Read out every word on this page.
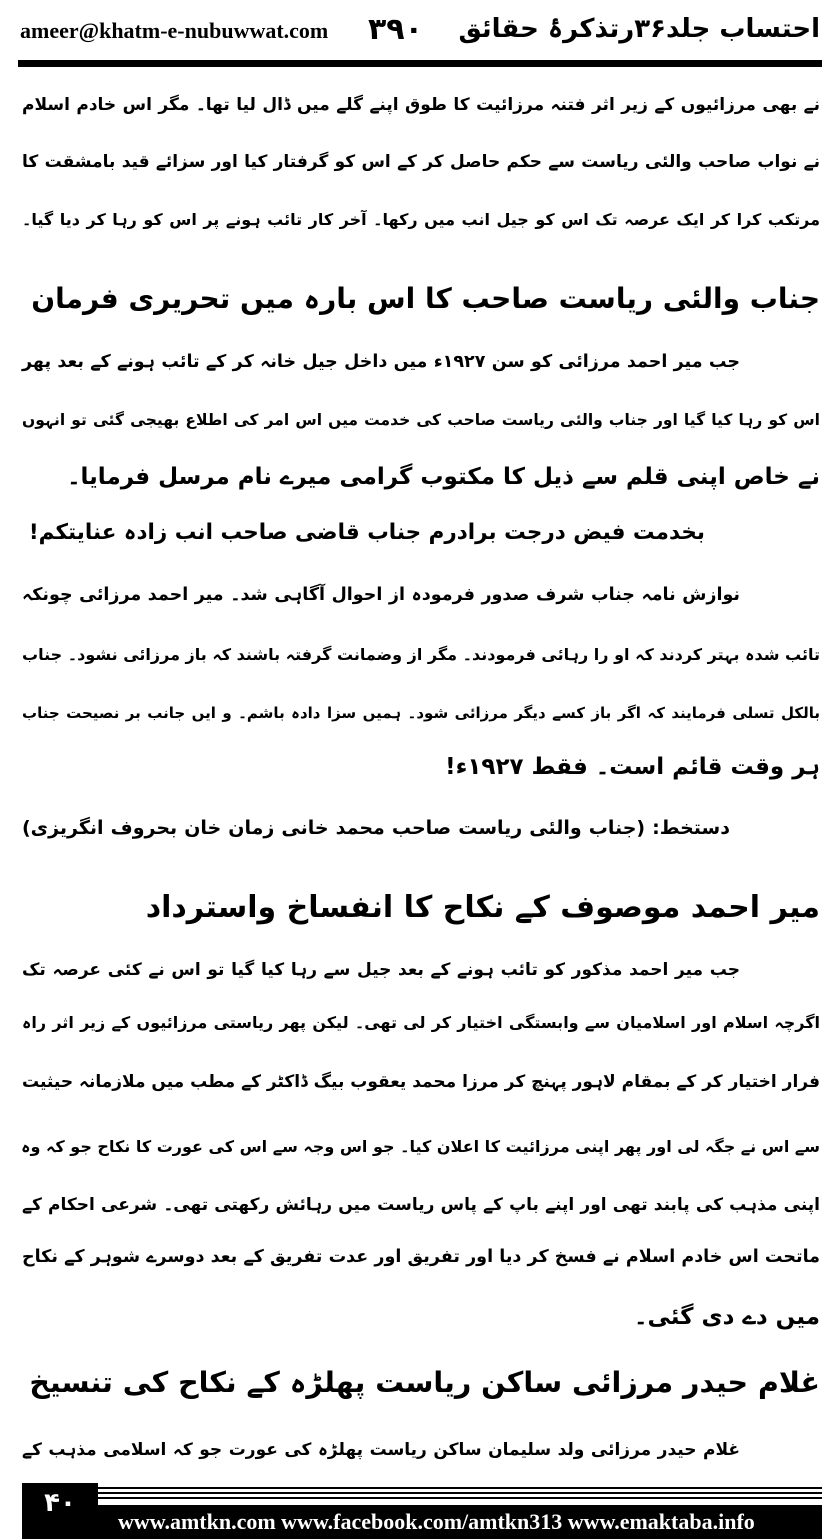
احتساب جلد۳۶رتذکرۂ حقائق
۳۹۰
ameer@khatm-e-nubuwwat.com
نے بھی مرزائیوں کے زیر اثر فتنہ مرزائیت کا طوق اپنے گلے میں ڈال لیا تھا۔ مگر اس خادم اسلام
نے نواب صاحب والئی ریاست سے حکم حاصل کر کے اس کو گرفتار کیا اور سزائے قید بامشقت کا
مرتکب کرا کر ایک عرصہ تک اس کو جیل انب میں رکھا۔ آخر کار تائب ہونے پر اس کو رہا کر دیا گیا۔
جناب والئی ریاست صاحب کا اس بارہ میں تحریری فرمان
جب میر احمد مرزائی کو سن ۱۹۲۷ء میں داخل جیل خانہ کر کے تائب ہونے کے بعد پھر
اس کو رہا کیا گیا اور جناب والئی ریاست صاحب کی خدمت میں اس امر کی اطلاع بھیجی گئی تو انہوں
نے خاص اپنی قلم سے ذیل کا مکتوب گرامی میرے نام مرسل فرمایا۔
بخدمت فیض درجت برادرم جناب قاضی صاحب انب زادہ عنایتکم!
نوازش نامہ جناب شرف صدور فرمودہ از احوال آگاہی شد۔ میر احمد مرزائی چونکہ
تائب شدہ بہتر کردند کہ او را رہائی فرمودند۔ مگر از وضمانت گرفتہ باشند کہ باز مرزائی نشود۔ جناب
بالکل تسلی فرمایند کہ اگر باز کسے دیگر مرزائی شود۔ ہمیں سزا دادہ باشم۔ و ایں جانب بر نصیحت جناب
ہر وقت قائم است۔ فقط ۱۹۲۷ء!
دستخط: (جناب والئی ریاست صاحب محمد خانی زمان خان بحروف انگریزی)
میر احمد موصوف کے نکاح کا انفساخ واسترداد
جب میر احمد مذکور کو تائب ہونے کے بعد جیل سے رہا کیا گیا تو اس نے کئی عرصہ تک
اگرچہ اسلام اور اسلامیان سے وابستگی اختیار کر لی تھی۔ لیکن پھر ریاستی مرزائیوں کے زیر اثر راہ
فرار اختیار کر کے بمقام لاہور پہنچ کر مرزا محمد یعقوب بیگ ڈاکٹر کے مطب میں ملازمانہ حیثیت
سے اس نے جگہ لی اور پھر اپنی مرزائیت کا اعلان کیا۔ جو اس وجہ سے اس کی عورت کا نکاح جو کہ وہ
اپنی مذہب کی پابند تھی اور اپنے باپ کے پاس ریاست میں رہائش رکھتی تھی۔ شرعی احکام کے
ماتحت اس خادم اسلام نے فسخ کر دیا اور تفریق اور عدت تفریق کے بعد دوسرے شوہر کے نکاح
میں دے دی گئی۔
غلام حیدر مرزائی ساکن ریاست پھلڑہ کے نکاح کی تنسیخ
غلام حیدر مرزائی ولد سلیمان ساکن ریاست پھلڑہ کی عورت جو کہ اسلامی مذہب کے
۴۰
www.amtkn.com www.facebook.com/amtkn313 www.emaktaba.info
